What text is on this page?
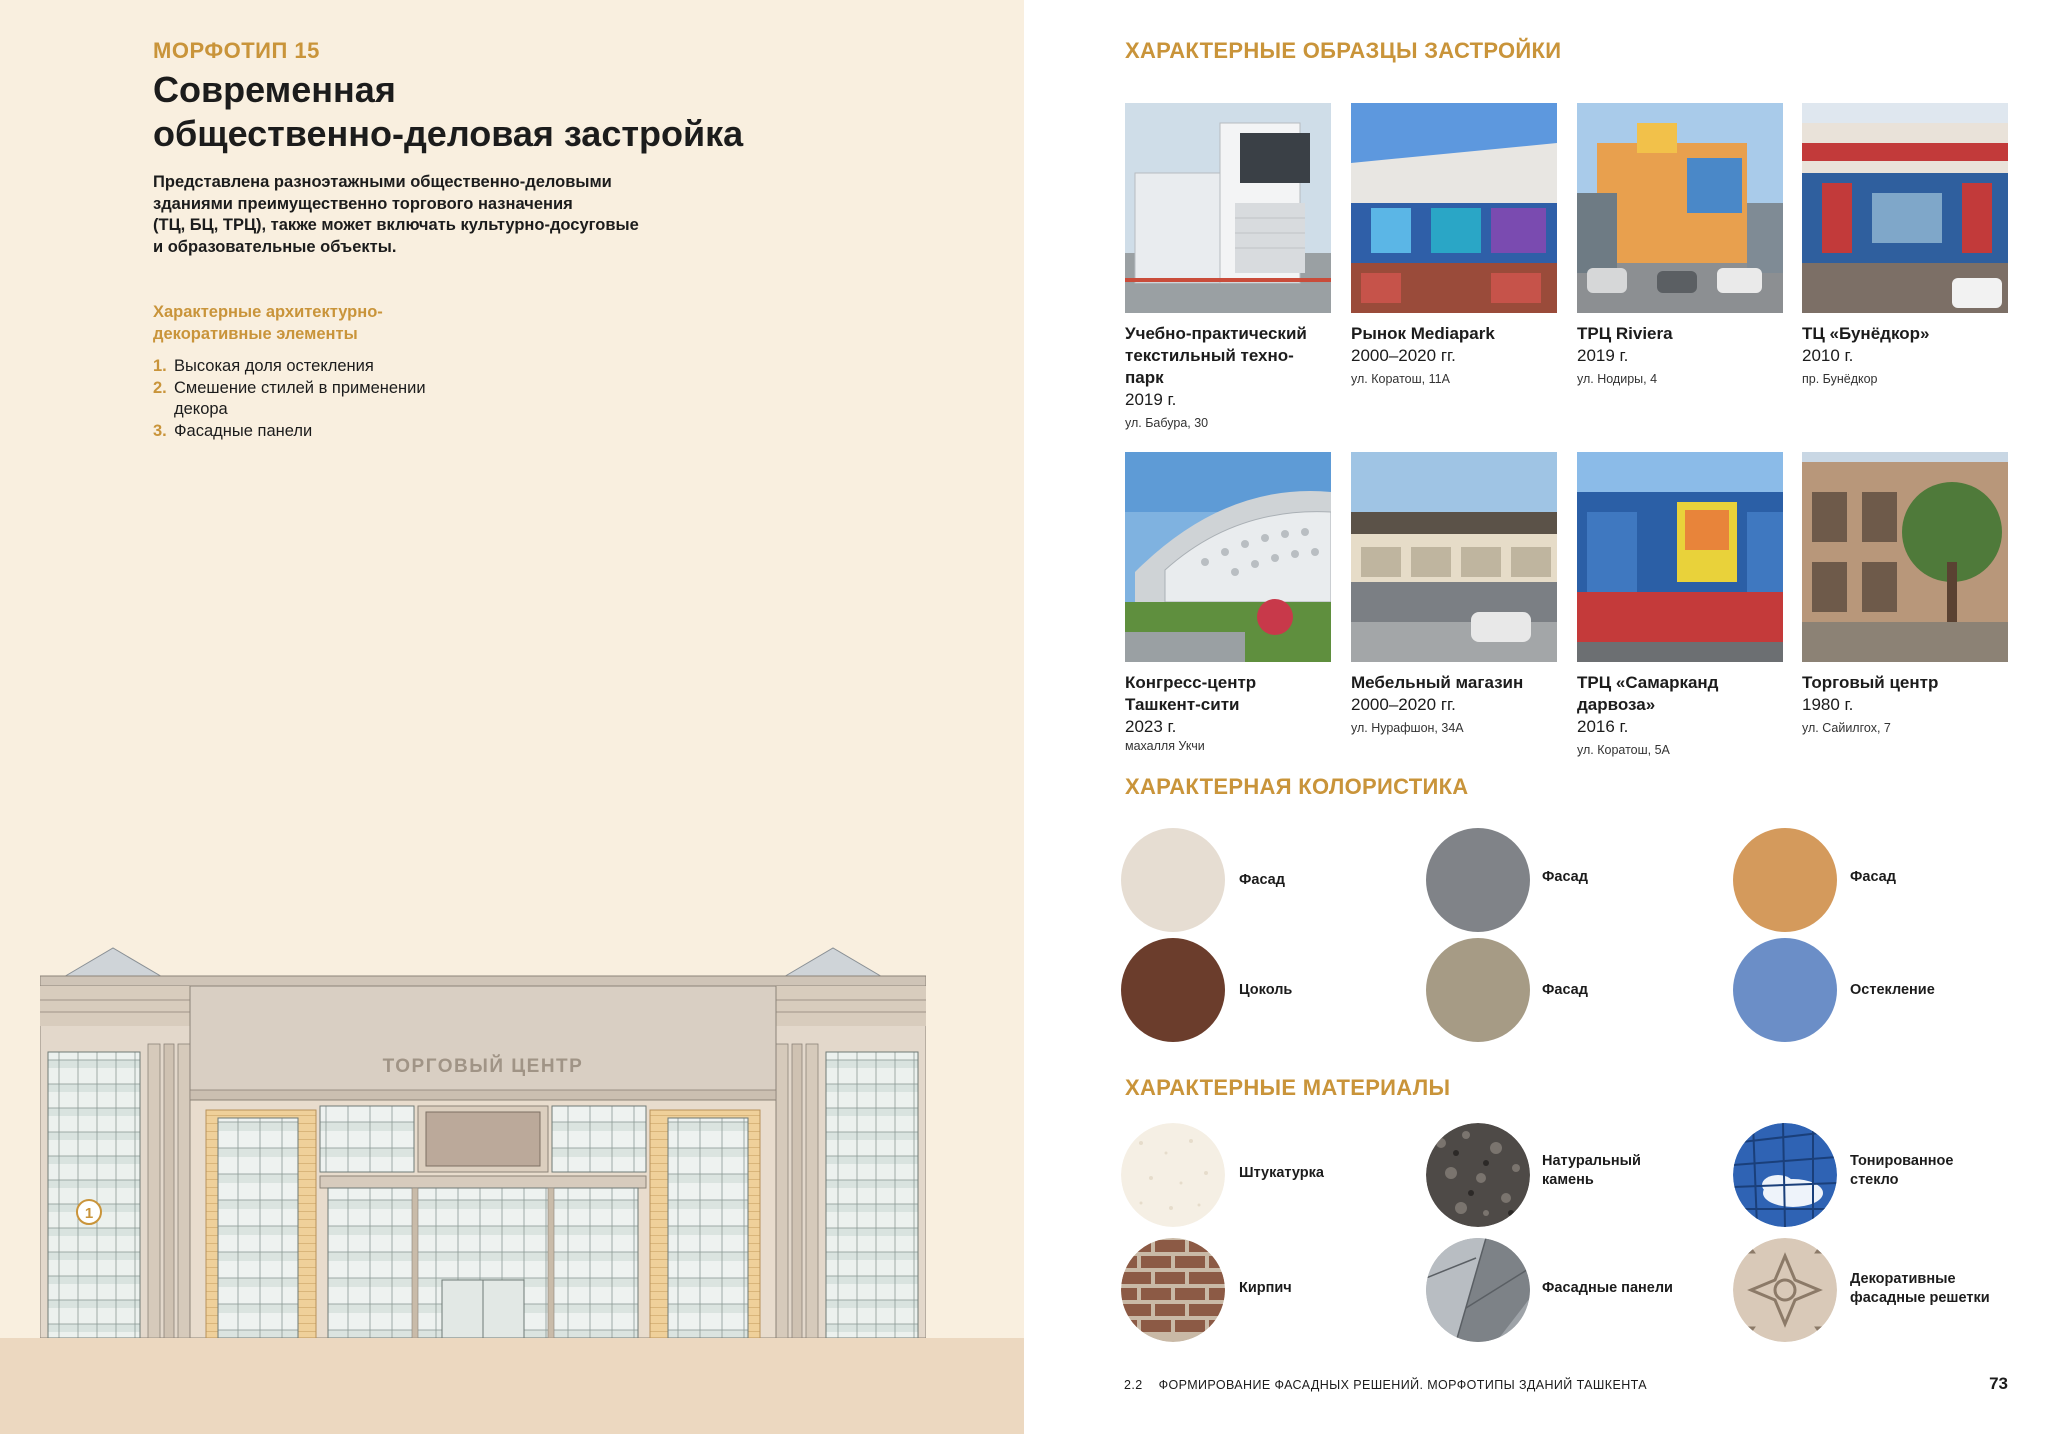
МОРФОТИП 15
Современная
общественно-деловая застройка

Представлена разноэтажными общественно-деловыми
зданиями преимущественно торгового назначения
(ТЦ, БЦ, ТРЦ), также может включать культурно-досуговые
и образовательные объекты.

Характерные архитектурно-
декоративные элементы
1. Высокая доля остекления
2. Смешение стилей в применении
декора
3. Фасадные панели
ТОРГОВЫЙ ЦЕНТР
1
ХАРАКТЕРНЫЕ ОБРАЗЦЫ ЗАСТРОЙКИ
Учебно-практический
текстильный техно-
парк
2019 г.
ул. Бабура, 30
Рынок Mediapark
2000–2020 гг.
ул. Коратош, 11А
ТРЦ Riviera
2019 г.
ул. Нодиры, 4
ТЦ «Бунёдкор»
2010 г.
пр. Бунёдкор
Конгресс-центр
Ташкент-сити
2023 г.
махалля Укчи
Мебельный магазин
2000–2020 гг.
ул. Нурафшон, 34А
ТРЦ «Самарканд
дарвоза»
2016 г.
ул. Коратош, 5А
Торговый центр
1980 г.
ул. Сайилгох, 7
ХАРАКТЕРНАЯ КОЛОРИСТИКА
Фасад	Фасад	Фасад
Цоколь	Фасад	Остекление
ХАРАКТЕРНЫЕ МАТЕРИАЛЫ
Штукатурка
Натуральный
камень
Тонированное
стекло
Кирпич	Фасадные панели
Декоративные
фасадные решетки
2.2 ФОРМИРОВАНИЕ ФАСАДНЫХ РЕШЕНИЙ. МОРФОТИПЫ ЗДАНИЙ ТАШКЕНТА	73
